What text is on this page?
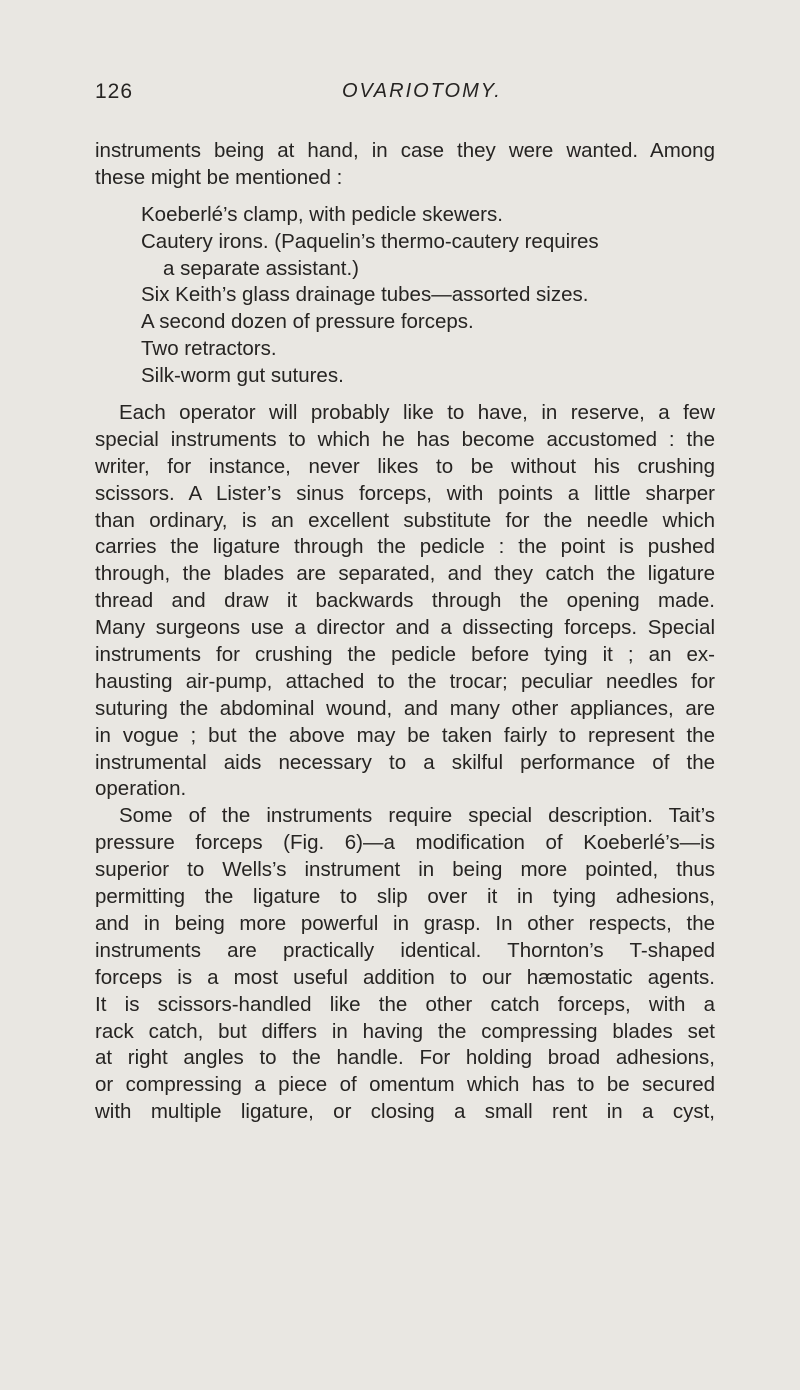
126	OVARIOTOMY.
instruments being at hand, in case they were wanted. Among
these might be mentioned :
Koeberlé’s clamp, with pedicle skewers.
Cautery irons. (Paquelin’s thermo-cautery requires
a separate assistant.)
Six Keith’s glass drainage tubes—assorted sizes.
A second dozen of pressure forceps.
Two retractors.
Silk-worm gut sutures.
Each operator will probably like to have, in reserve, a few
special instruments to which he has become accustomed : the
writer, for instance, never likes to be without his crushing
scissors. A Lister’s sinus forceps, with points a little sharper
than ordinary, is an excellent substitute for the needle which
carries the ligature through the pedicle : the point is pushed
through, the blades are separated, and they catch the ligature
thread and draw it backwards through the opening made.
Many surgeons use a director and a dissecting forceps. Special
instruments for crushing the pedicle before tying it ; an ex-
hausting air-pump, attached to the trocar; peculiar needles for
suturing the abdominal wound, and many other appliances, are
in vogue ; but the above may be taken fairly to represent the
instrumental aids necessary to a skilful performance of the
operation.
Some of the instruments require special description. Tait’s
pressure forceps (Fig. 6)—a modification of Koeberlé’s—is
superior to Wells’s instrument in being more pointed, thus
permitting the ligature to slip over it in tying adhesions,
and in being more powerful in grasp. In other respects, the
instruments are practically identical. Thornton’s T-shaped
forceps is a most useful addition to our hæmostatic agents.
It is scissors-handled like the other catch forceps, with a
rack catch, but differs in having the compressing blades set
at right angles to the handle. For holding broad adhesions,
or compressing a piece of omentum which has to be secured
with multiple ligature, or closing a small rent in a cyst,
